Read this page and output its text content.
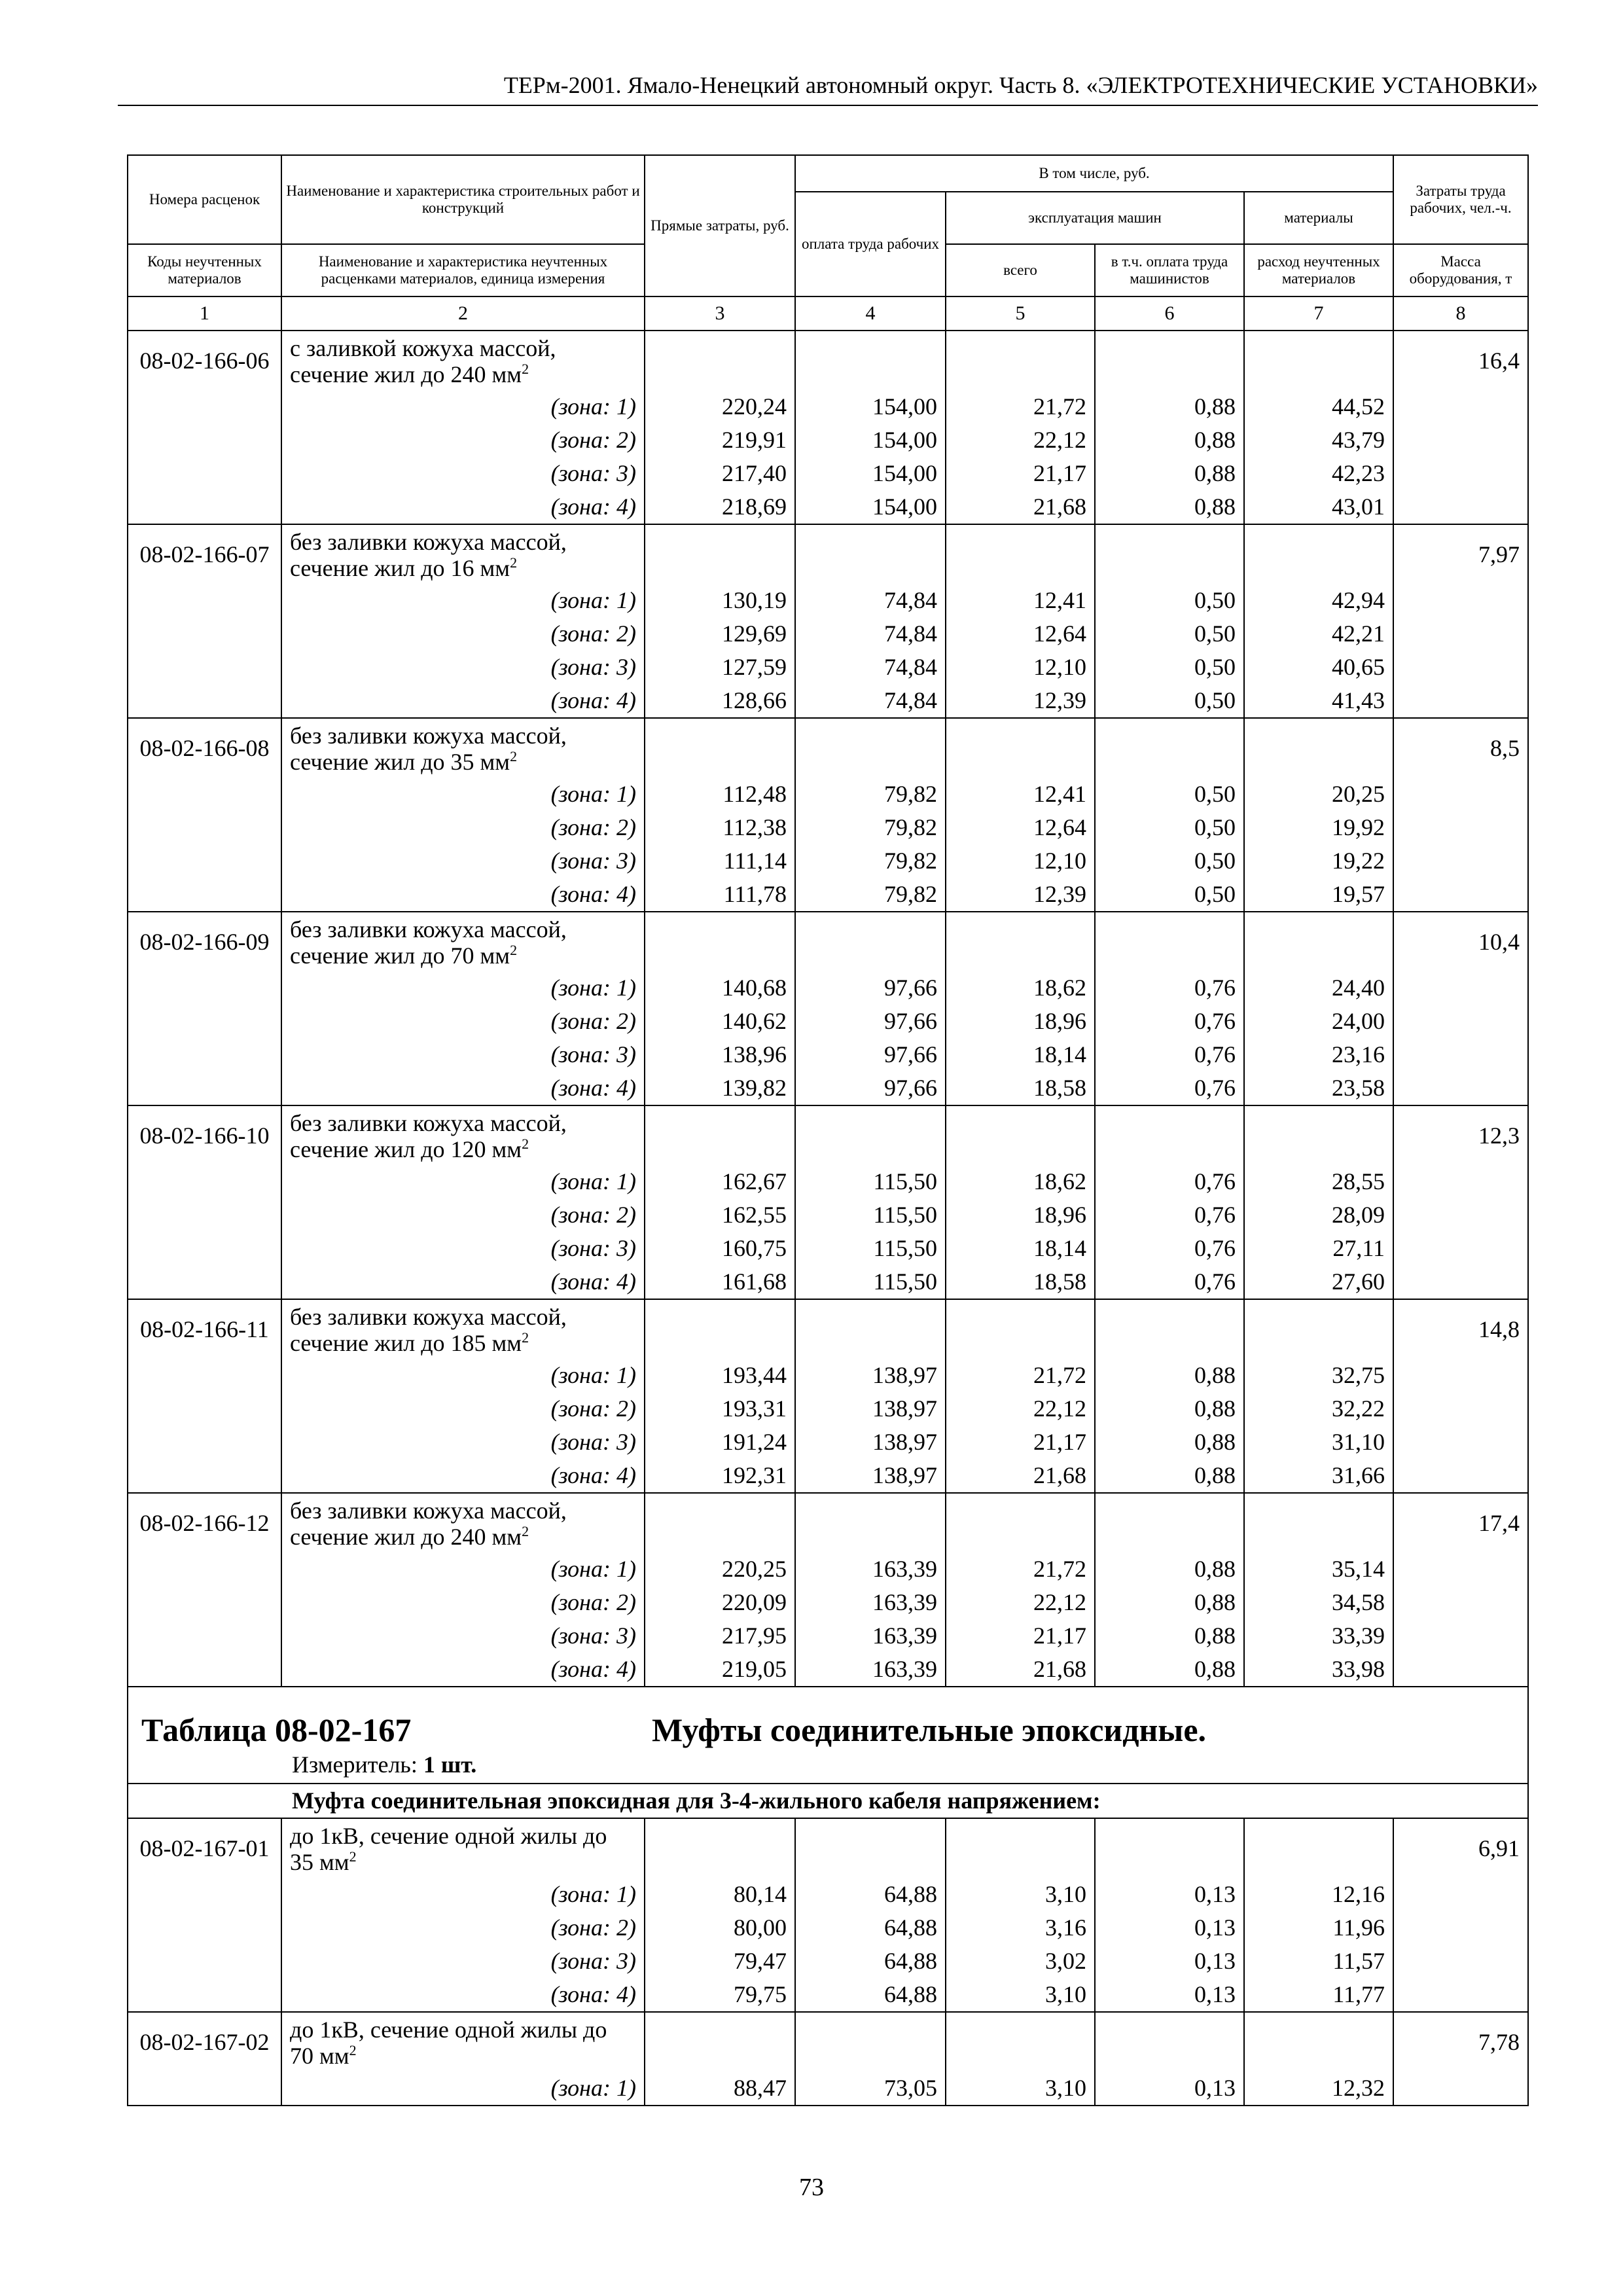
ТЕРм-2001. Ямало-Ненецкий автономный округ. Часть 8. «ЭЛЕКТРОТЕХНИЧЕСКИЕ УСТАНОВКИ»
Номера расценок	Наименование и характеристика строительных работ и конструкций	Прямые затраты, руб.	В том числе, руб.				Затраты труда рабочих, чел.-ч.
			оплата труда рабочих	эксплуатация машин		материалы	
Коды неучтенных материалов	Наименование и характеристика неучтенных расценками материалов, единица измерения			всего	в т.ч. оплата труда машинистов	расход неучтенных материалов	Масса оборудования, т
1	2	3	4	5	6	7	8
08-02-166-06	с заливкой кожуха массой, сечение жил до 240 $мм^2$						16,4
	(зона: 1)	220,24	154,00	21,72	0,88	44,52	
	(зона: 2)	219,91	154,00	22,12	0,88	43,79	
	(зона: 3)	217,40	154,00	21,17	0,88	42,23	
	(зона: 4)	218,69	154,00	21,68	0,88	43,01	
08-02-166-07	без заливки кожуха массой, сечение жил до 16 $мм^2$						7,97
	(зона: 1)	130,19	74,84	12,41	0,50	42,94	
	(зона: 2)	129,69	74,84	12,64	0,50	42,21	
	(зона: 3)	127,59	74,84	12,10	0,50	40,65	
	(зона: 4)	128,66	74,84	12,39	0,50	41,43	
08-02-166-08	без заливки кожуха массой, сечение жил до 35 $мм^2$						8,5
	(зона: 1)	112,48	79,82	12,41	0,50	20,25	
	(зона: 2)	112,38	79,82	12,64	0,50	19,92	
	(зона: 3)	111,14	79,82	12,10	0,50	19,22	
	(зона: 4)	111,78	79,82	12,39	0,50	19,57	
08-02-166-09	без заливки кожуха массой, сечение жил до 70 $мм^2$						10,4
	(зона: 1)	140,68	97,66	18,62	0,76	24,40	
	(зона: 2)	140,62	97,66	18,96	0,76	24,00	
	(зона: 3)	138,96	97,66	18,14	0,76	23,16	
	(зона: 4)	139,82	97,66	18,58	0,76	23,58	
08-02-166-10	без заливки кожуха массой, сечение жил до 120 $мм^2$						12,3
	(зона: 1)	162,67	115,50	18,62	0,76	28,55	
	(зона: 2)	162,55	115,50	18,96	0,76	28,09	
	(зона: 3)	160,75	115,50	18,14	0,76	27,11	
	(зона: 4)	161,68	115,50	18,58	0,76	27,60	
08-02-166-11	без заливки кожуха массой, сечение жил до 185 $мм^2$						14,8
	(зона: 1)	193,44	138,97	21,72	0,88	32,75	
	(зона: 2)	193,31	138,97	22,12	0,88	32,22	
	(зона: 3)	191,24	138,97	21,17	0,88	31,10	
	(зона: 4)	192,31	138,97	21,68	0,88	31,66	
08-02-166-12	без заливки кожуха массой, сечение жил до 240 $мм^2$						17,4
	(зона: 1)	220,25	163,39	21,72	0,88	35,14	
	(зона: 2)	220,09	163,39	22,12	0,88	34,58	
	(зона: 3)	217,95	163,39	21,17	0,88	33,39	
	(зона: 4)	219,05	163,39	21,68	0,88	33,98	

Таблица 08-02-167 Муфты соединительные эпоксидные.
Измеритель: 1 шт.							

Муфта соединительная эпоксидная для 3-4-жильного кабеля напряжением:							
08-02-167-01	до 1кВ, сечение одной жилы до 35 $мм^2$						6,91
	(зона: 1)	80,14	64,88	3,10	0,13	12,16	
	(зона: 2)	80,00	64,88	3,16	0,13	11,96	
	(зона: 3)	79,47	64,88	3,02	0,13	11,57	
	(зона: 4)	79,75	64,88	3,10	0,13	11,77	
08-02-167-02	до 1кВ, сечение одной жилы до 70 $мм^2$						7,78
	(зона: 1)	88,47	73,05	3,10	0,13	12,32	
73
